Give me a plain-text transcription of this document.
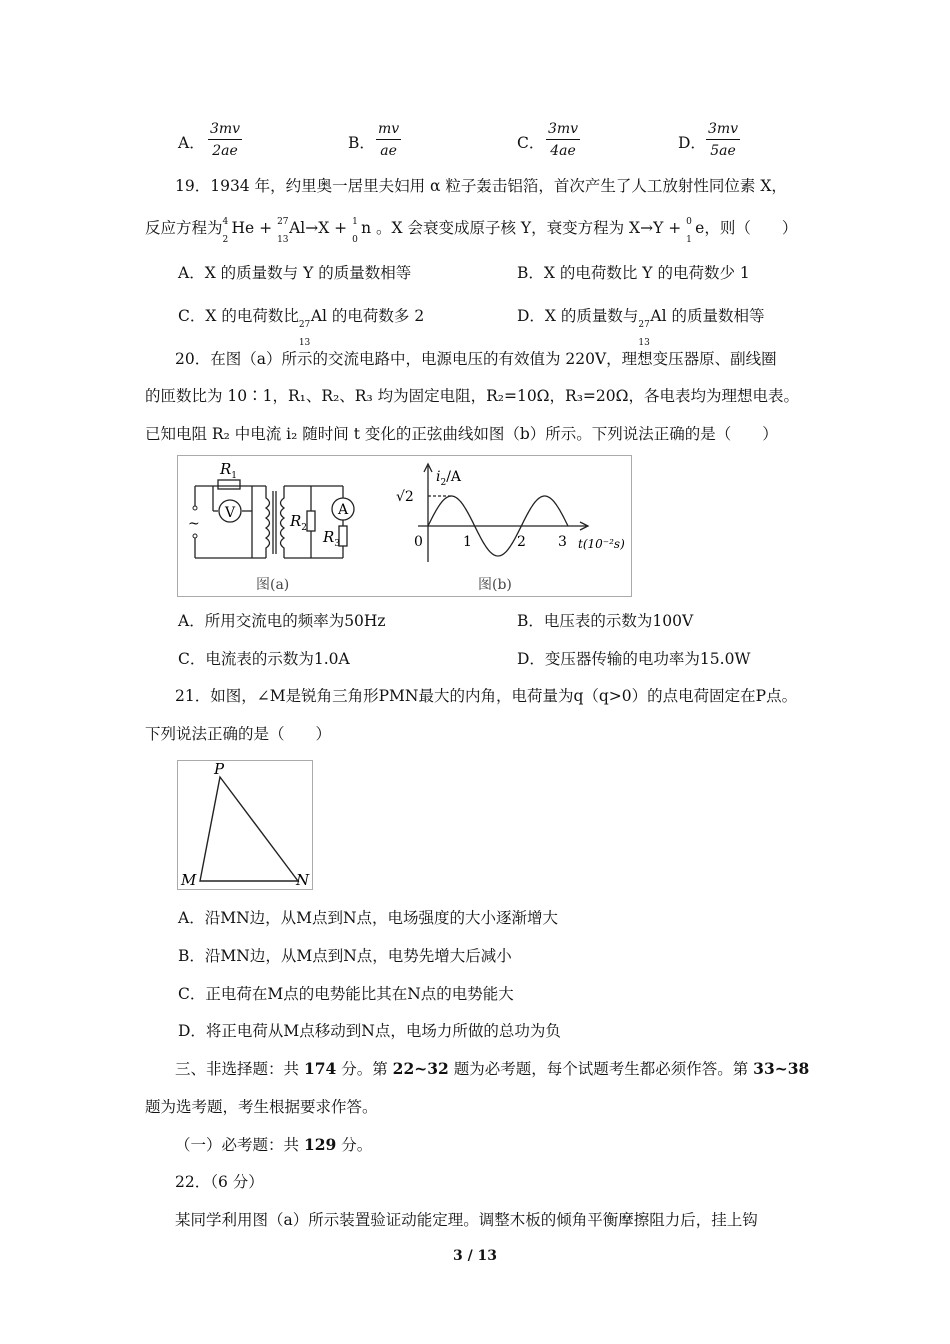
A． $\frac{3mv}{2ae}$	B． $\frac{mv}{ae}$	C． $\frac{3mv}{4ae}$	D． $\frac{3mv}{5ae}$
19．1934 年，约里奥一居里夫妇用 α 粒子轰击铝箔，首次产生了人工放射性同位素 X，
反应方程为 4
2
He + 27
13
Al→X + 1
0
n 。X 会衰变成原子核 Y，衰变方程为 X→Y + 0
1
e，则（　　）
A．X 的质量数与 Y 的质量数相等	B．X 的电荷数比 Y 的电荷数少 1
C．X 的电荷数比 27
13
Al 的电荷数多 2	D．X 的质量数与 27
13
Al 的质量数相等
20．在图（a）所示的交流电路中，电源电压的有效值为 220V，理想变压器原、副线圈
的匝数比为 10∶1，R₁、R₂、R₃ 均为固定电阻，R₂=10Ω，R₃=20Ω，各电表均为理想电表。
已知电阻 R₂ 中电流 i₂ 随时间 t 变化的正弦曲线如图（b）所示。下列说法正确的是（　　）
~
$R_1$
V	$R_2$
A
$R_3$
图(a)
$i_2/A$
√2
0	1	2 3 t(10⁻²s)
图(b)
A．所用交流电的频率为50Hz	B．电压表的示数为100V
C．电流表的示数为1.0A	D．变压器传输的电功率为15.0W
21．如图，∠M是锐角三角形PMN最大的内角，电荷量为q（q>0）的点电荷固定在P点。
下列说法正确的是（　　）
P
M	N
A．沿MN边，从M点到N点，电场强度的大小逐渐增大
B．沿MN边，从M点到N点，电势先增大后减小
C．正电荷在M点的电势能比其在N点的电势能大
D．将正电荷从M点移动到N点，电场力所做的总功为负
三、非选择题：共 174 分。第 22~32 题为必考题，每个试题考生都必须作答。第 33~38
题为选考题，考生根据要求作答。
（一）必考题：共 129 分。
22．（6 分）
某同学利用图（a）所示装置验证动能定理。调整木板的倾角平衡摩擦阻力后，挂上钩
3 / 13
